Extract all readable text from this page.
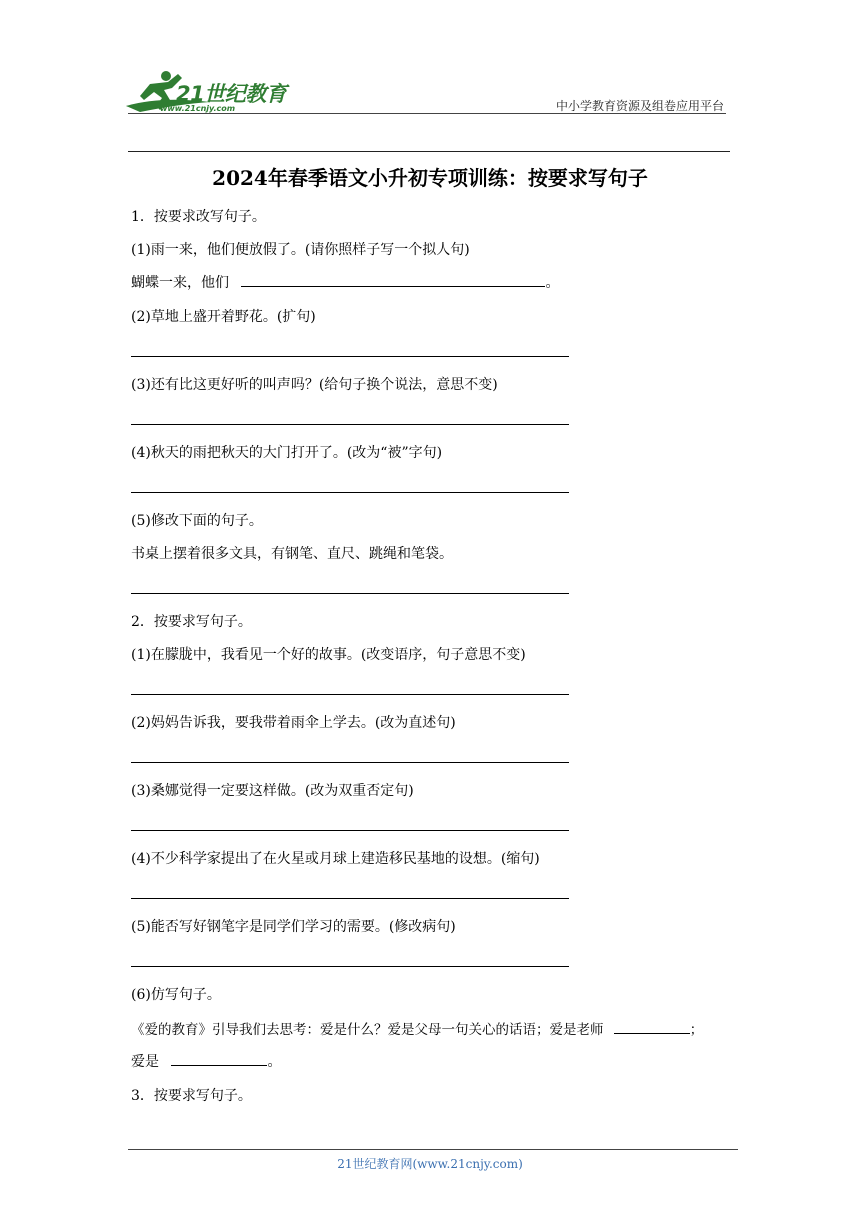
21世纪教育
www.21cnjy.com	中小学教育资源及组卷应用平台
2024年春季语文小升初专项训练：按要求写句子
1．按要求改写句子。
(1)雨一来，他们便放假了。(请你照样子写一个拟人句)
蝴蝶一来，他们	。
(2)草地上盛开着野花。(扩句)
(3)还有比这更好听的叫声吗？(给句子换个说法，意思不变)
(4)秋天的雨把秋天的大门打开了。(改为“被”字句)
(5)修改下面的句子。
书桌上摆着很多文具，有钢笔、直尺、跳绳和笔袋。
2．按要求写句子。
(1)在朦胧中，我看见一个好的故事。(改变语序，句子意思不变)
(2)妈妈告诉我，要我带着雨伞上学去。(改为直述句)
(3)桑娜觉得一定要这样做。(改为双重否定句)
(4)不少科学家提出了在火星或月球上建造移民基地的设想。(缩句)
(5)能否写好钢笔字是同学们学习的需要。(修改病句)
(6)仿写句子。
《爱的教育》引导我们去思考：爱是什么？爱是父母一句关心的话语；爱是老师	；
爱是	。
3．按要求写句子。
21世纪教育网(www.21cnjy.com)
